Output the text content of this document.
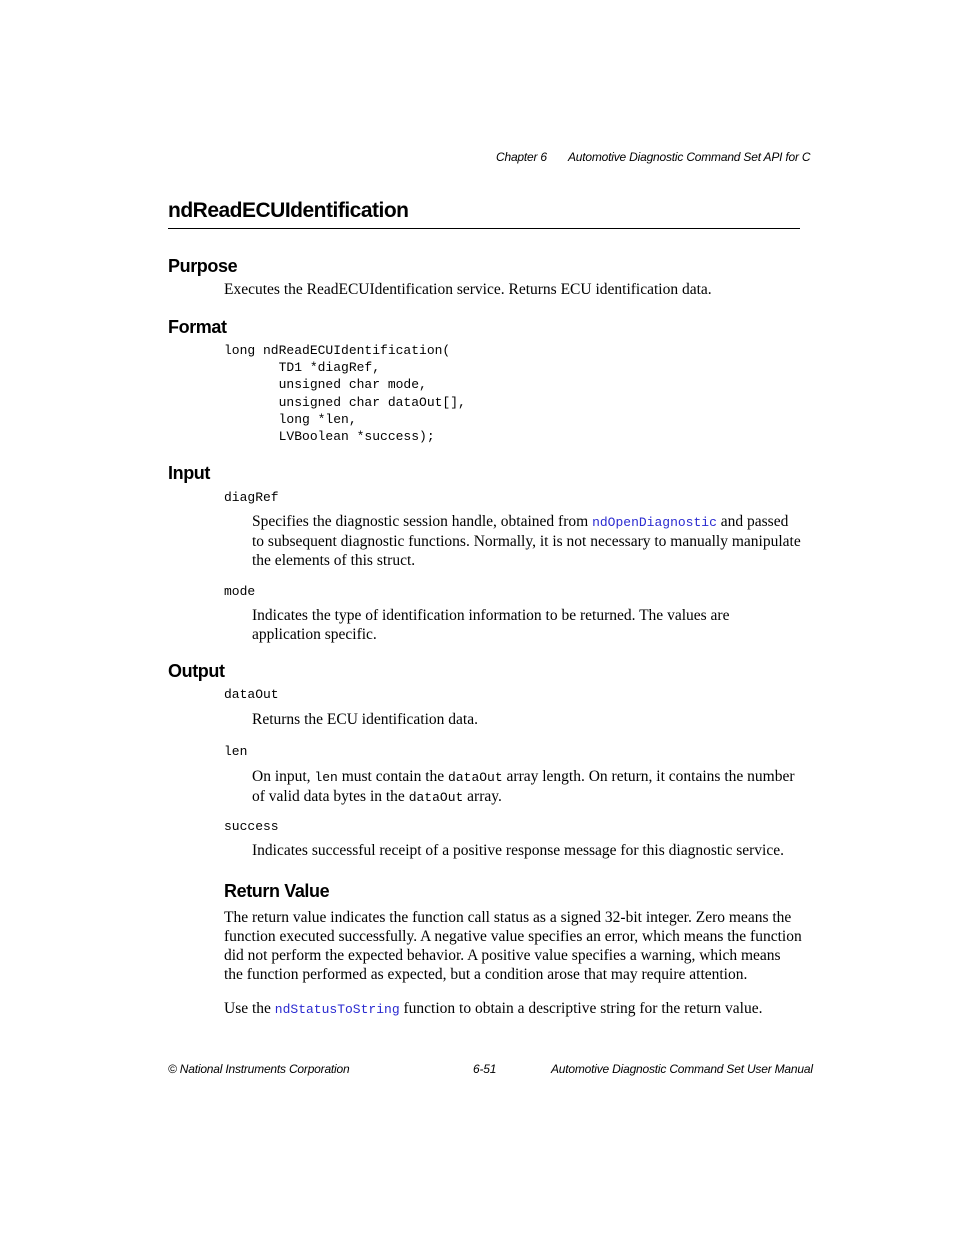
Chapter 6 Automotive Diagnostic Command Set API for C
ndReadECUIdentification
Purpose
Executes the ReadECUIdentification service. Returns ECU identification data.
Format
long ndReadECUIdentification(
TD1 *diagRef,
unsigned char mode,
unsigned char dataOut[],
long *len,
LVBoolean *success);
Input
diagRef
Specifies the diagnostic session handle, obtained from ndOpenDiagnostic and passed to subsequent diagnostic functions. Normally, it is not necessary to manually manipulate the elements of this struct.
mode
Indicates the type of identification information to be returned. The values are application specific.
Output
dataOut
Returns the ECU identification data.
len
On input, len must contain the dataOut array length. On return, it contains the number of valid data bytes in the dataOut array.
success
Indicates successful receipt of a positive response message for this diagnostic service.
Return Value
The return value indicates the function call status as a signed 32-bit integer. Zero means the function executed successfully. A negative value specifies an error, which means the function did not perform the expected behavior. A positive value specifies a warning, which means the function performed as expected, but a condition arose that may require attention.
Use the ndStatusToString function to obtain a descriptive string for the return value.
© National Instruments Corporation	6-51	Automotive Diagnostic Command Set User Manual
